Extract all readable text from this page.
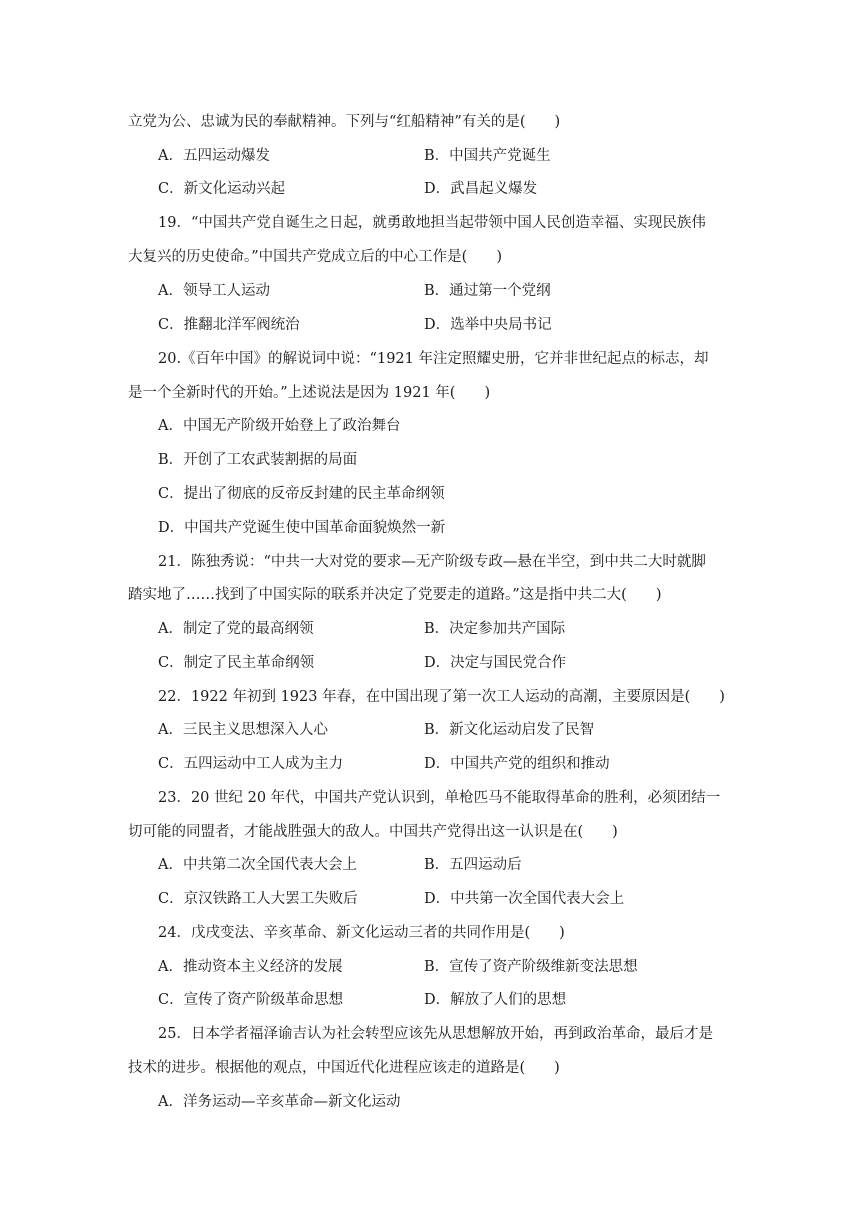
立党为公、忠诚为民的奉献精神。下列与“红船精神”有关的是(　　)
A．五四运动爆发	B．中国共产党诞生
C．新文化运动兴起	D．武昌起义爆发
19．“中国共产党自诞生之日起，就勇敢地担当起带领中国人民创造幸福、实现民族伟
大复兴的历史使命。”中国共产党成立后的中心工作是(　　)
A．领导工人运动	B．通过第一个党纲
C．推翻北洋军阀统治	D．选举中央局书记
20.《百年中国》的解说词中说：“1921 年注定照耀史册，它并非世纪起点的标志，却
是一个全新时代的开始。”上述说法是因为 1921 年(　　)
A．中国无产阶级开始登上了政治舞台
B．开创了工农武装割据的局面
C．提出了彻底的反帝反封建的民主革命纲领
D．中国共产党诞生使中国革命面貌焕然一新
21．陈独秀说：“中共一大对党的要求—无产阶级专政—悬在半空，到中共二大时就脚
踏实地了……找到了中国实际的联系并决定了党要走的道路。”这是指中共二大(　　)
A．制定了党的最高纲领	B．决定参加共产国际
C．制定了民主革命纲领	D．决定与国民党合作
22．1922 年初到 1923 年春，在中国出现了第一次工人运动的高潮，主要原因是(　　)
A．三民主义思想深入人心	B．新文化运动启发了民智
C．五四运动中工人成为主力	D．中国共产党的组织和推动
23．20 世纪 20 年代，中国共产党认识到，单枪匹马不能取得革命的胜利，必须团结一
切可能的同盟者，才能战胜强大的敌人。中国共产党得出这一认识是在(　　)
A．中共第二次全国代表大会上	B．五四运动后
C．京汉铁路工人大罢工失败后	D．中共第一次全国代表大会上
24．戊戌变法、辛亥革命、新文化运动三者的共同作用是(　　)
A．推动资本主义经济的发展	B．宣传了资产阶级维新变法思想
C．宣传了资产阶级革命思想	D．解放了人们的思想
25．日本学者福泽谕吉认为社会转型应该先从思想解放开始，再到政治革命，最后才是
技术的进步。根据他的观点，中国近代化进程应该走的道路是(　　)
A．洋务运动—辛亥革命—新文化运动
